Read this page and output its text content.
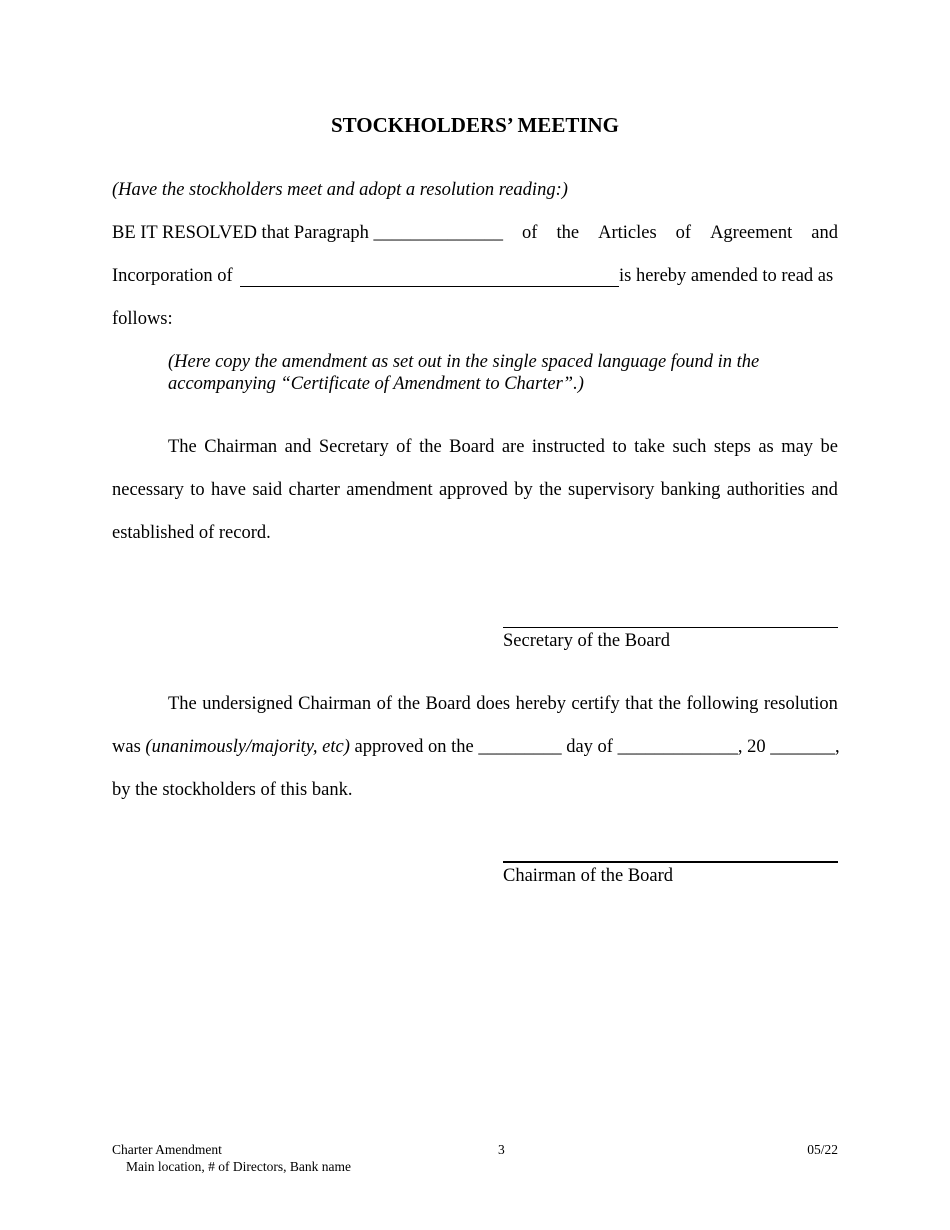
STOCKHOLDERS’ MEETING
(Have the stockholders meet and adopt a resolution reading:)
BE IT RESOLVED that Paragraph ______________ of the Articles of Agreement and
Incorporation of	is hereby amended to read as
follows:
(Here copy the amendment as set out in the single spaced language found in the
accompanying “Certificate of Amendment to Charter”.)
The Chairman and Secretary of the Board are instructed to take such steps as may be
necessary to have said charter amendment approved by the supervisory banking authorities and
established of record.
Secretary of the Board
The undersigned Chairman of the Board does hereby certify that the following resolution
was (unanimously/majority, etc) approved on the _________ day of _____________, 20 _______,
by the stockholders of this bank.
Chairman of the Board
Charter Amendment
Main location, # of Directors, Bank name
3	05/22
